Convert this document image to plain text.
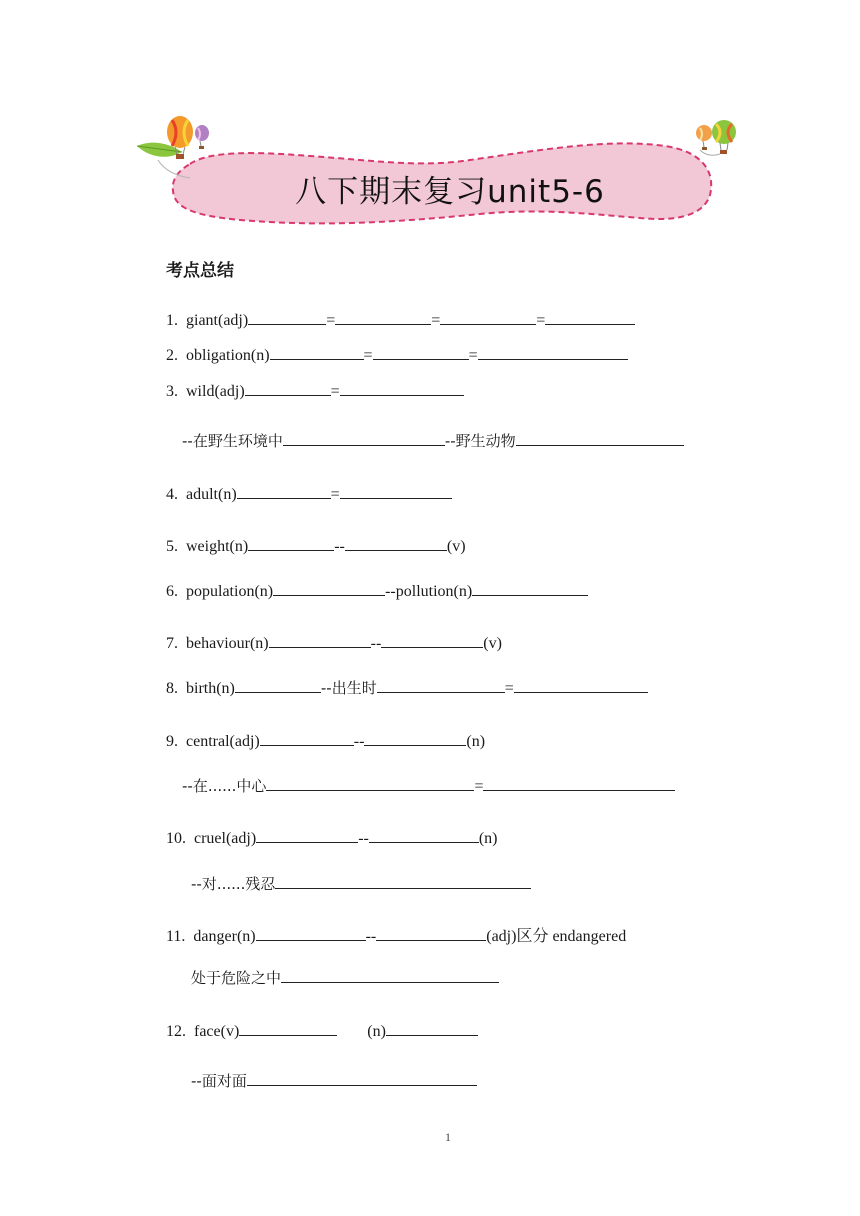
八下期末复习unit5-6
考点总结
1. giant(adj)	=	=	=
2. obligation(n)	=	=
3. wild(adj)	=
--在野生环境中	--野生动物
4. adult(n)	=
5. weight(n)	--	(v)
6. population(n)	--pollution(n)
7. behaviour(n)	--	(v)
8. birth(n)	--出生时	=
9. central(adj)	--	(n)
--在......中心	=
10. cruel(adj)	--	(n)
--对......残忍
11. danger(n)	--	(adj)区分 endangered
处于危险之中
12. face(v)	(n)
--面对面
1
